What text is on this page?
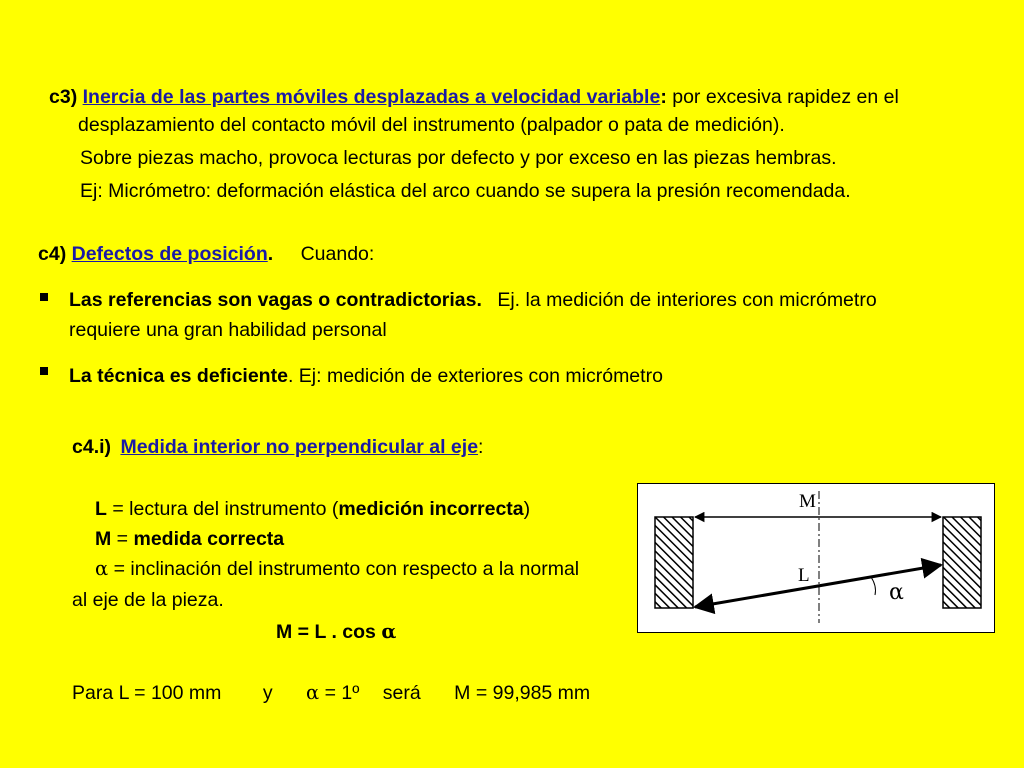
c3) Inercia de las partes móviles desplazadas a velocidad variable: por excesiva rapidez en el
desplazamiento del contacto móvil del instrumento (palpador o pata de medición).
Sobre piezas macho, provoca lecturas por defecto y por exceso en las piezas hembras.
Ej: Micrómetro: deformación elástica del arco cuando se supera la presión recomendada.
c4) Defectos de posición. Cuando:
Las referencias son vagas o contradictorias. Ej. la medición de interiores con micrómetro
requiere una gran habilidad personal
La técnica es deficiente. Ej: medición de exteriores con micrómetro
c4.i) Medida interior no perpendicular al eje:
L = lectura del instrumento (medición incorrecta)
M = medida correcta
α = inclinación del instrumento con respecto a la normal
al eje de la pieza.
M = L . cos α
Para L = 100 mm y α = 1º será M = 99,985 mm
M
L
α
